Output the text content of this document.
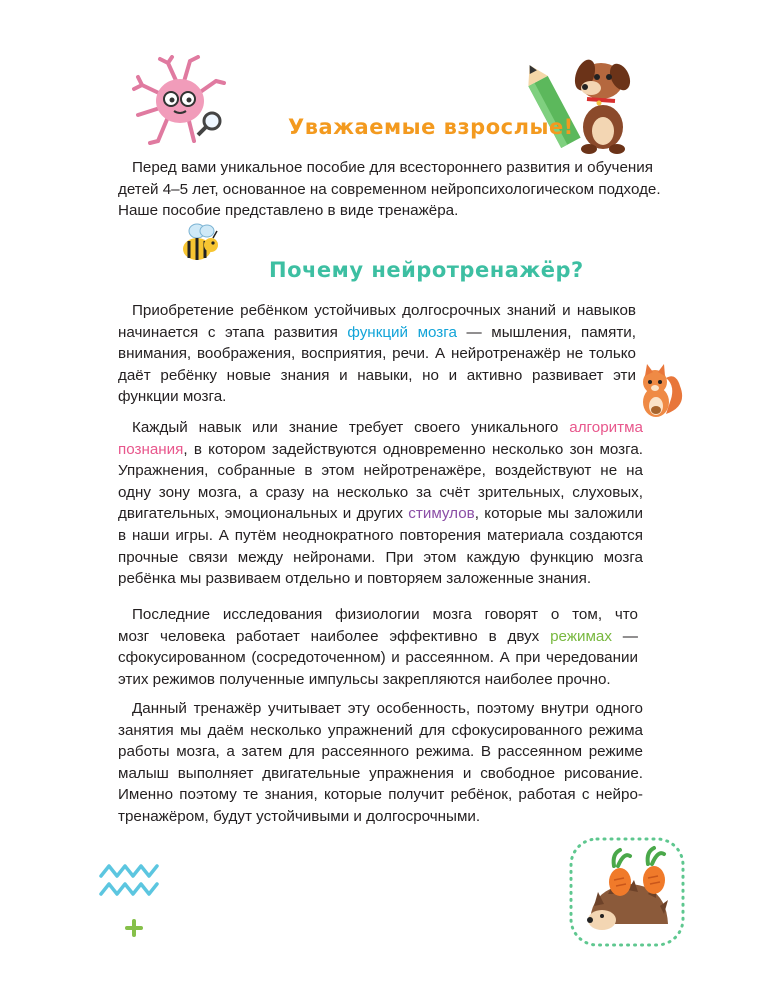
Уважаемые взрослые!

Перед вами уникальное пособие для всестороннего развития и обучения
детей 4–5 лет, основанное на современном нейропсихологическом подходе.
Наше пособие представлено в виде тренажёра.

Почему нейротренажёр?

Приобретение ребёнком устойчивых долгосрочных знаний и навыков
начинается с этапа развития функций мозга — мышления, памяти,
внимания, воображения, восприятия, речи. А нейротренажёр не только
даёт ребёнку новые знания и навыки, но и активно развивает эти
функции мозга.

Каждый навык или знание требует своего уникального алгоритма
познания, в котором задействуются одновременно несколько зон мозга.
Упражнения, собранные в этом нейротренажёре, воздействуют не на
одну зону мозга, а сразу на несколько за счёт зрительных, слуховых,
двигательных, эмоциональных и других стимулов, которые мы заложили
в наши игры. А путём неоднократного повторения материала создаются
прочные связи между нейронами. При этом каждую функцию мозга
ребёнка мы развиваем отдельно и повторяем заложенные знания.

Последние исследования физиологии мозга говорят о том, что
мозг человека работает наиболее эффективно в двух режимах —
сфокусированном (сосредоточенном) и рассеянном. А при чередовании
этих режимов полученные импульсы закрепляются наиболее прочно.

Данный тренажёр учитывает эту особенность, поэтому внутри одного
занятия мы даём несколько упражнений для сфокусированного режима
работы мозга, а затем для рассеянного режима. В рассеянном режиме
малыш выполняет двигательные упражнения и свободное рисование.
Именно поэтому те знания, которые получит ребёнок, работая с нейро-
тренажёром, будут устойчивыми и долгосрочными.
